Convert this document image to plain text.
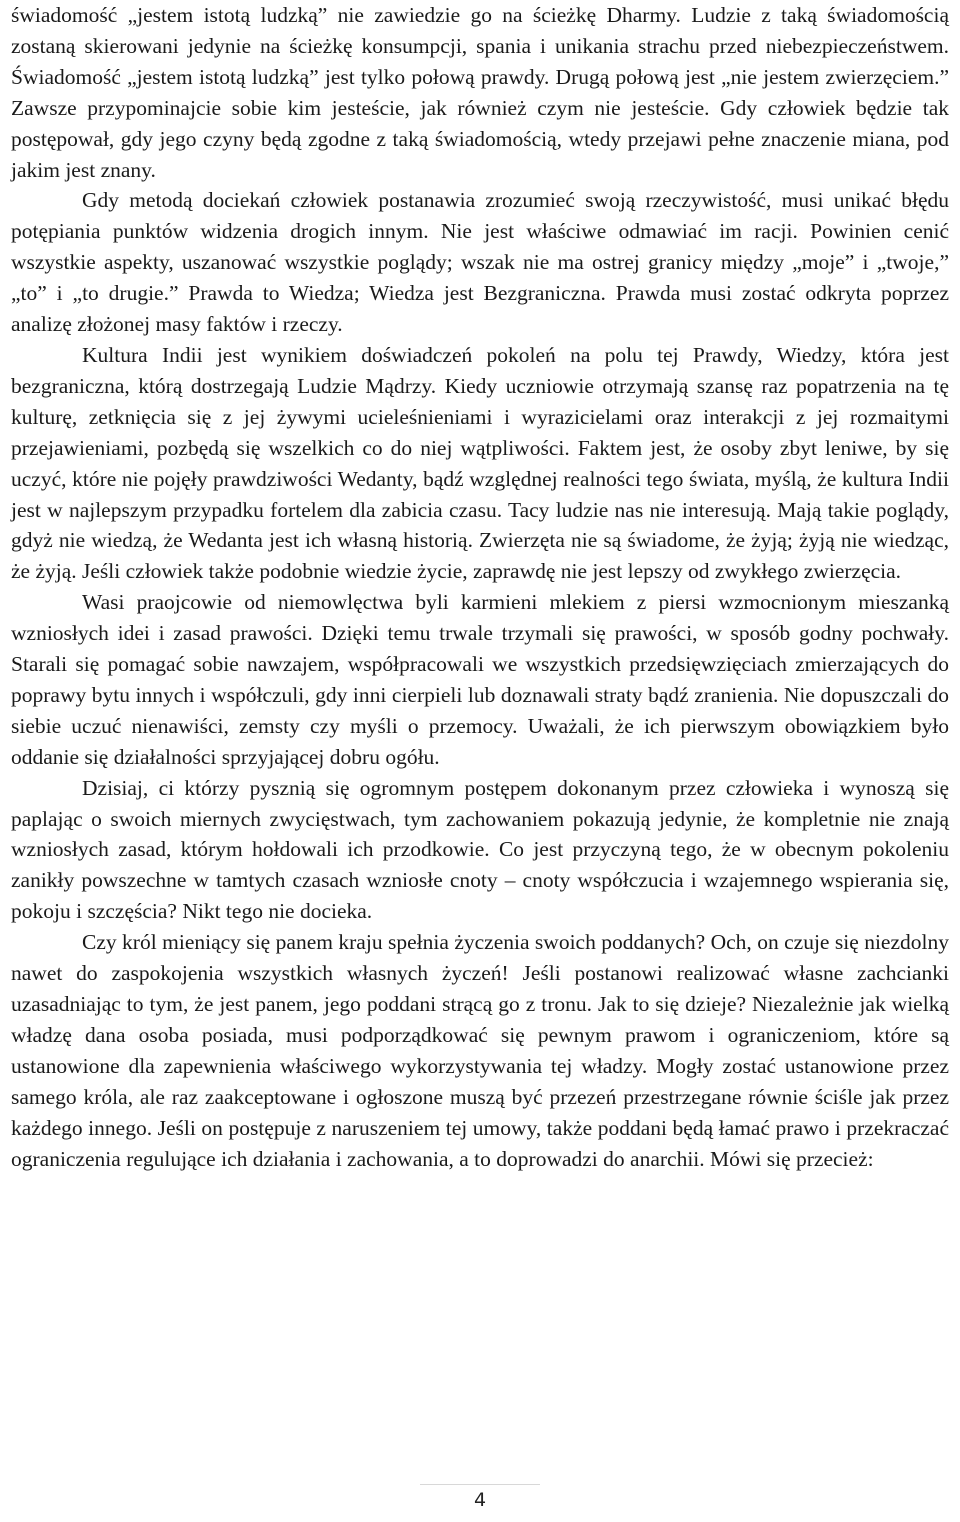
świadomość „jestem istotą ludzką” nie zawiedzie go na ścieżkę Dharmy. Ludzie z taką świadomością zostaną skierowani jedynie na ścieżkę konsumpcji, spania i unikania strachu przed niebezpieczeństwem. Świadomość „jestem istotą ludzką” jest tylko połową prawdy. Drugą połową jest „nie jestem zwierzęciem.” Zawsze przypominajcie sobie kim jesteście, jak również czym nie jesteście. Gdy człowiek będzie tak postępował, gdy jego czyny będą zgodne z taką świadomością, wtedy przejawi pełne znaczenie miana, pod jakim jest znany.

Gdy metodą dociekań człowiek postanawia zrozumieć swoją rzeczywistość, musi unikać błędu potępiania punktów widzenia drogich innym. Nie jest właściwe odmawiać im racji. Powinien cenić wszystkie aspekty, uszanować wszystkie poglądy; wszak nie ma ostrej granicy między „moje” i „twoje,” „to” i „to drugie.” Prawda to Wiedza; Wiedza jest Bezgraniczna. Prawda musi zostać odkryta poprzez analizę złożonej masy faktów i rzeczy.

Kultura Indii jest wynikiem doświadczeń pokoleń na polu tej Prawdy, Wiedzy, która jest bezgraniczna, którą dostrzegają Ludzie Mądrzy. Kiedy uczniowie otrzymają szansę raz popatrzenia na tę kulturę, zetknięcia się z jej żywymi ucieleśnieniami i wyrazicielami oraz interakcji z jej rozmaitymi przejawieniami, pozbędą się wszelkich co do niej wątpliwości. Faktem jest, że osoby zbyt leniwe, by się uczyć, które nie pojęły prawdziwości Wedanty, bądź względnej realności tego świata, myślą, że kultura Indii jest w najlepszym przypadku fortelem dla zabicia czasu. Tacy ludzie nas nie interesują. Mają takie poglądy, gdyż nie wiedzą, że Wedanta jest ich własną historią. Zwierzęta nie są świadome, że żyją; żyją nie wiedząc, że żyją. Jeśli człowiek także podobnie wiedzie życie, zaprawdę nie jest lepszy od zwykłego zwierzęcia.

Wasi praojcowie od niemowlęctwa byli karmieni mlekiem z piersi wzmocnionym mieszanką wzniosłych idei i zasad prawości. Dzięki temu trwale trzymali się prawości, w sposób godny pochwały. Starali się pomagać sobie nawzajem, współpracowali we wszystkich przedsięwzięciach zmierzających do poprawy bytu innych i współczuli, gdy inni cierpieli lub doznawali straty bądź zranienia. Nie dopuszczali do siebie uczuć nienawiści, zemsty czy myśli o przemocy. Uważali, że ich pierwszym obowiązkiem było oddanie się działalności sprzyjającej dobru ogółu.

Dzisiaj, ci którzy pysznią się ogromnym postępem dokonanym przez człowieka i wynoszą się paplając o swoich miernych zwycięstwach, tym zachowaniem pokazują jedynie, że kompletnie nie znają wzniosłych zasad, którym hołdowali ich przodkowie. Co jest przyczyną tego, że w obecnym pokoleniu zanikły powszechne w tamtych czasach wzniosłe cnoty – cnoty współczucia i wzajemnego wspierania się, pokoju i szczęścia? Nikt tego nie docieka.

Czy król mieniący się panem kraju spełnia życzenia swoich poddanych? Och, on czuje się niezdolny nawet do zaspokojenia wszystkich własnych życzeń! Jeśli postanowi realizować własne zachcianki uzasadniając to tym, że jest panem, jego poddani strącą go z tronu. Jak to się dzieje? Niezależnie jak wielką władzę dana osoba posiada, musi podporządkować się pewnym prawom i ograniczeniom, które są ustanowione dla zapewnienia właściwego wykorzystywania tej władzy. Mogły zostać ustanowione przez samego króla, ale raz zaakceptowane i ogłoszone muszą być przezeń przestrzegane równie ściśle jak przez każdego innego. Jeśli on postępuje z naruszeniem tej umowy, także poddani będą łamać prawo i przekraczać ograniczenia regulujące ich działania i zachowania, a to doprowadzi do anarchii. Mówi się przecież:

4
